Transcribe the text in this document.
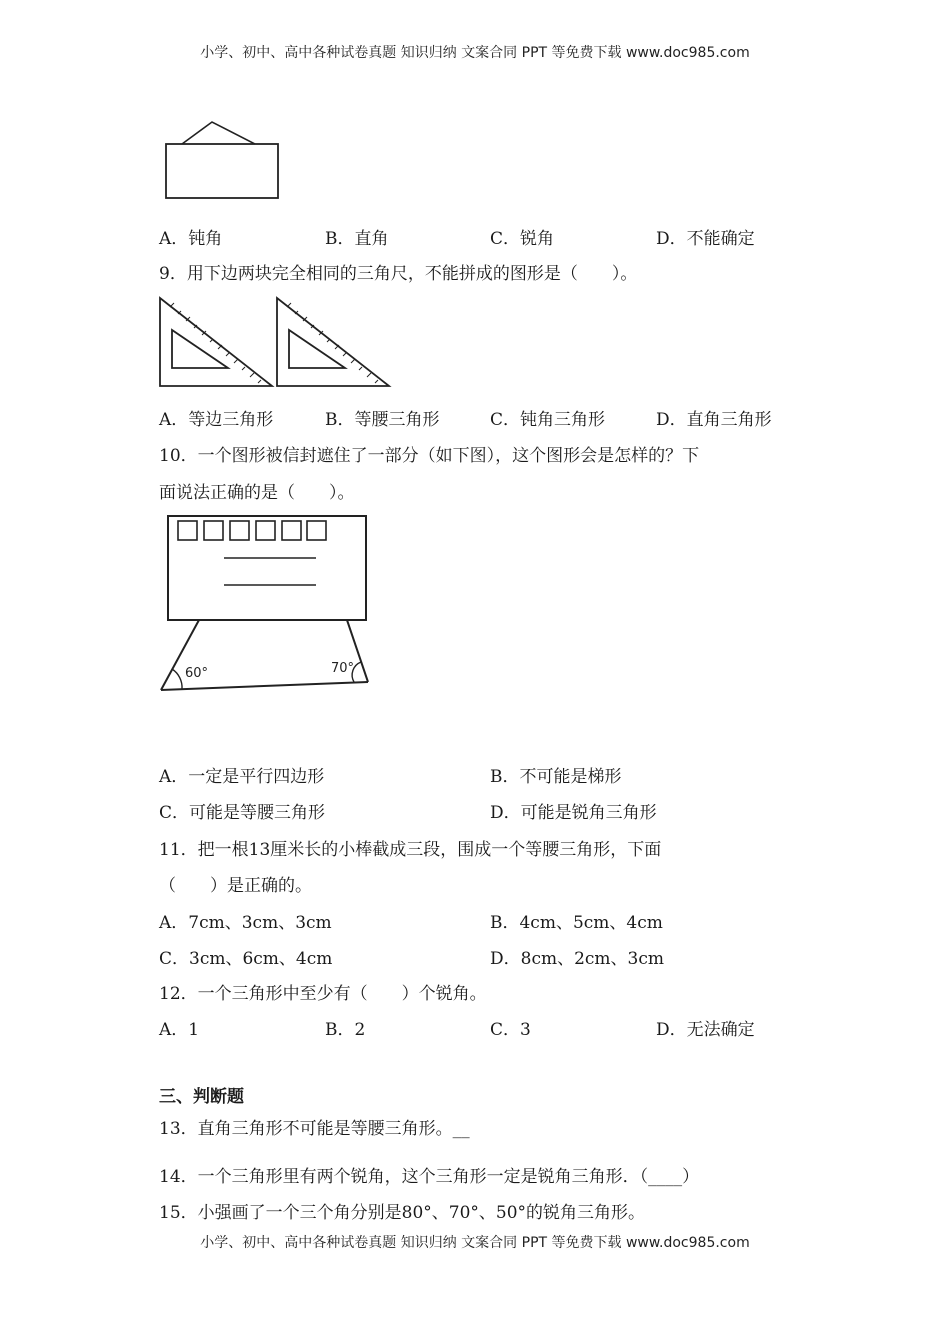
小学、初中、高中各种试卷真题 知识归纳 文案合同 PPT 等免费下载 www.doc985.com
A．钝角	B．直角	C．锐角	D．不能确定
9．用下边两块完全相同的三角尺，不能拼成的图形是（　　）。
A．等边三角形	B．等腰三角形	C．钝角三角形	D．直角三角形
10．一个图形被信封遮住了一部分（如下图），这个图形会是怎样的？下
面说法正确的是（　　）。
60°	70°
A．一定是平行四边形	B．不可能是梯形
C．可能是等腰三角形	D．可能是锐角三角形
11．把一根13厘米长的小棒截成三段，围成一个等腰三角形，下面
（　　）是正确的。
A．7cm、3cm、3cm	B．4cm、5cm、4cm
C．3cm、6cm、4cm	D．8cm、2cm、3cm
12．一个三角形中至少有（　　）个锐角。
A．1	B．2	C．3	D．无法确定
三、判断题
13．直角三角形不可能是等腰三角形。__
14．一个三角形里有两个锐角，这个三角形一定是锐角三角形．（____）
15．小强画了一个三个角分别是80°、70°、50°的锐角三角形。
小学、初中、高中各种试卷真题 知识归纳 文案合同 PPT 等免费下载 www.doc985.com
